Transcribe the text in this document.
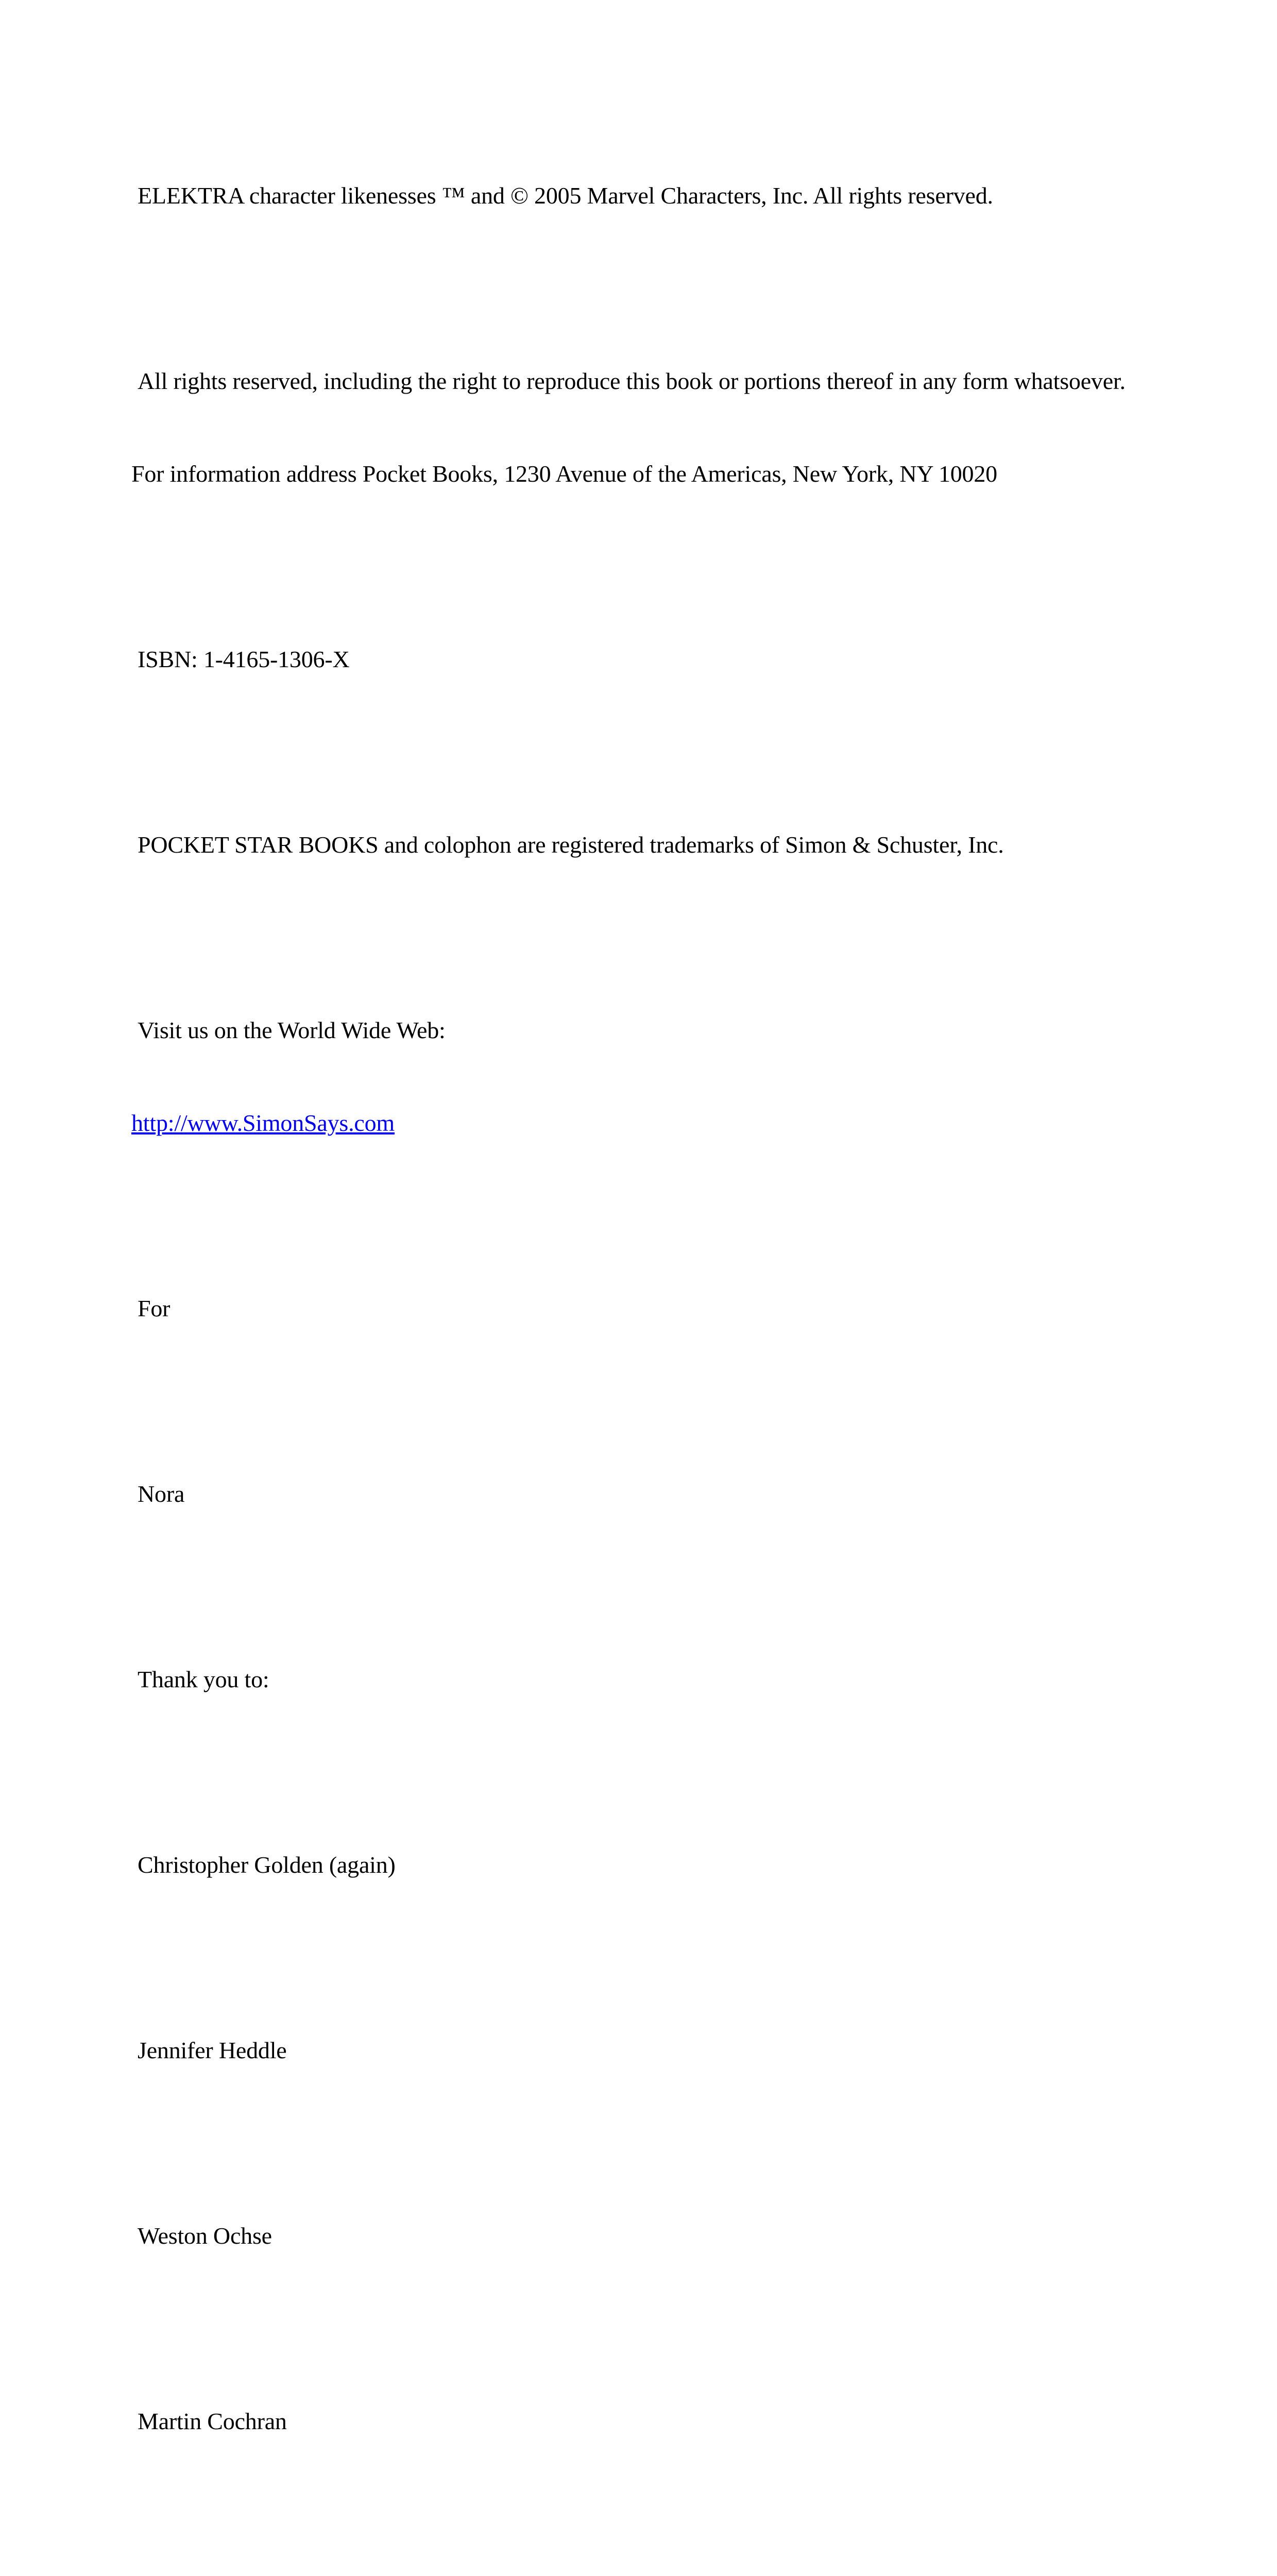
ELEKTRA character likenesses ™ and © 2005 Marvel Characters, Inc. All rights reserved.

All rights reserved, including the right to reproduce this book or portions thereof in any form whatsoever.

For information address Pocket Books, 1230 Avenue of the Americas, New York, NY 10020

ISBN: 1-4165-1306-X

POCKET STAR BOOKS and colophon are registered trademarks of Simon & Schuster, Inc.

Visit us on the World Wide Web:

http://www.SimonSays.com

For

Nora

Thank you to:

Christopher Golden (again)

Jennifer Heddle

Weston Ochse

Martin Cochran
